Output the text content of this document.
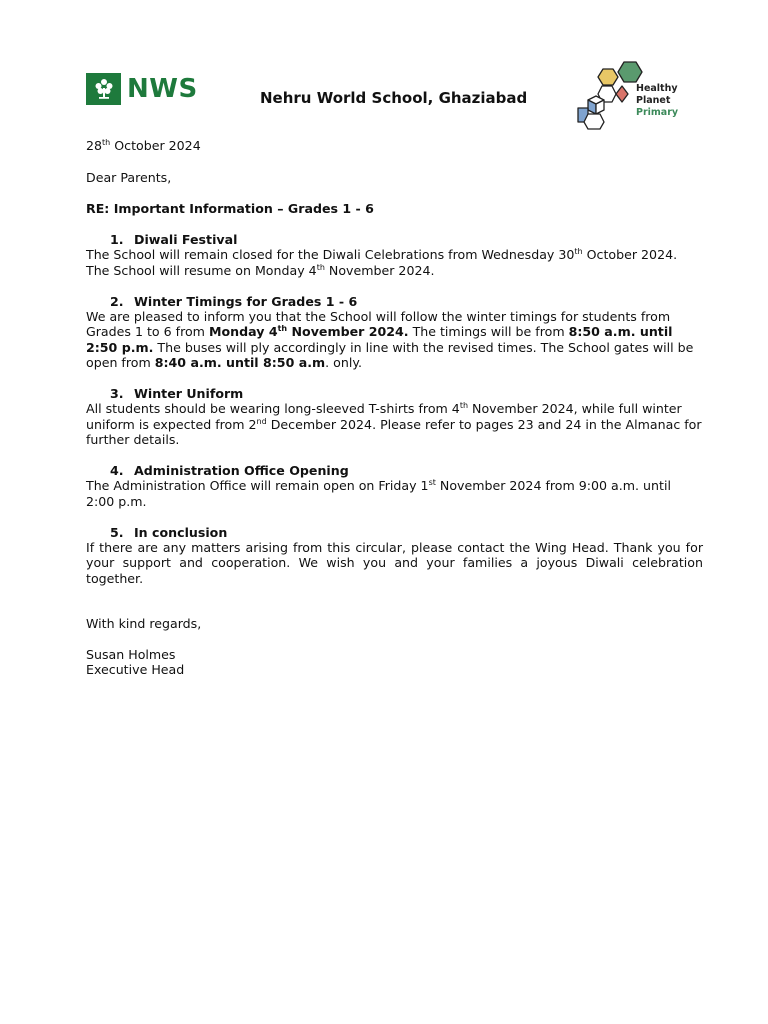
NWS	Nehru World School, Ghaziabad
Healthy
Planet
Primary

28th October 2024

Dear Parents,

RE: Important Information – Grades 1 - 6

1. Diwali Festival

The School will remain closed for the Diwali Celebrations from Wednesday 30th October 2024.

The School will resume on Monday 4th November 2024.

2. Winter Timings for Grades 1 - 6

We are pleased to inform you that the School will follow the winter timings for students from Grades 1 to 6 from Monday 4th November 2024. The timings will be from 8:50 a.m. until 2:50 p.m. The buses will ply accordingly in line with the revised times. The School gates will be open from 8:40 a.m. until 8:50 a.m. only.

3. Winter Uniform

All students should be wearing long-sleeved T-shirts from 4th November 2024, while full winter uniform is expected from 2nd December 2024. Please refer to pages 23 and 24 in the Almanac for further details.

4. Administration Office Opening

The Administration Office will remain open on Friday 1st November 2024 from 9:00 a.m. until 2:00 p.m.

5. In conclusion

If there are any matters arising from this circular, please contact the Wing Head. Thank you for your support and cooperation. We wish you and your families a joyous Diwali celebration together.

With kind regards,

Susan Holmes

Executive Head
